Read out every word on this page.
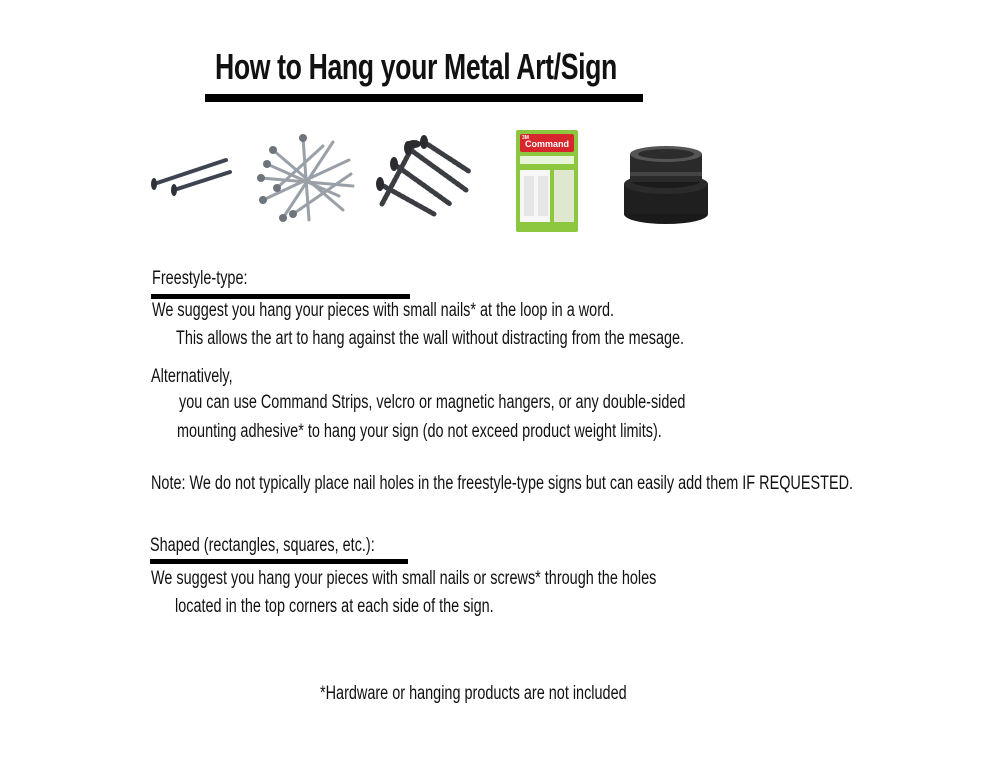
How to Hang your Metal Art/Sign
Command
3M
Freestyle-type:
We suggest you hang your pieces with small nails* at the loop in a word.
This allows the art to hang against the wall without distracting from the mesage.
Alternatively,
you can use Command Strips, velcro or magnetic hangers, or any double-sided
mounting adhesive* to hang your sign (do not exceed product weight limits).
Note: We do not typically place nail holes in the freestyle-type signs but can easily add them IF REQUESTED.
Shaped (rectangles, squares, etc.):
We suggest you hang your pieces with small nails or screws* through the holes
located in the top corners at each side of the sign.
*Hardware or hanging products are not included
